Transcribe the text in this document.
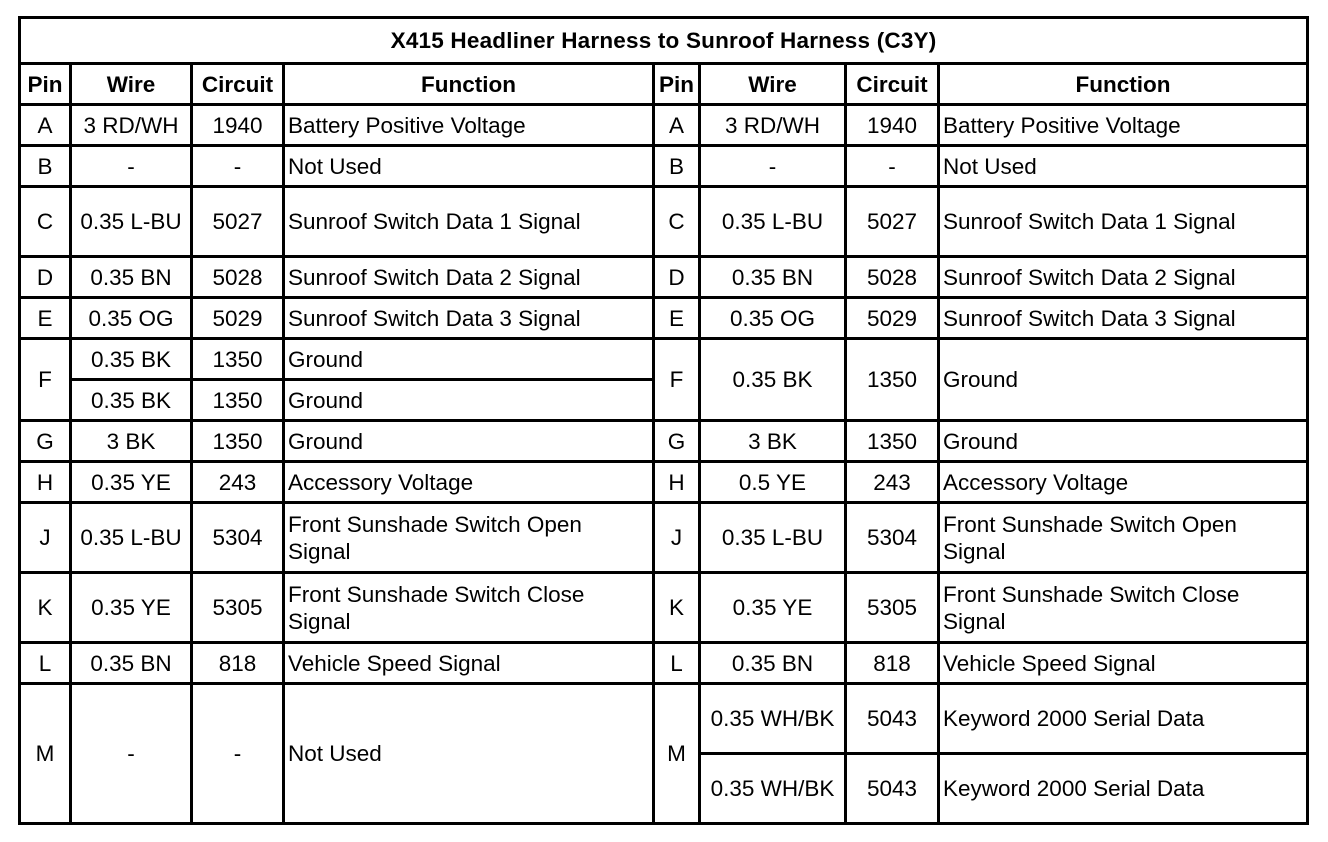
X415 Headliner Harness to Sunroof Harness (C3Y)							
Pin	Wire	Circuit	Function	Pin	Wire	Circuit	Function
A	3 RD/WH	1940	Battery Positive Voltage	A	3 RD/WH	1940	Battery Positive Voltage
B	-	-	Not Used	B	-	-	Not Used
C	0.35 L-BU	5027	Sunroof Switch Data 1 Signal	C	0.35 L-BU	5027	Sunroof Switch Data 1 Signal
D	0.35 BN	5028	Sunroof Switch Data 2 Signal	D	0.35 BN	5028	Sunroof Switch Data 2 Signal
E	0.35 OG	5029	Sunroof Switch Data 3 Signal	E	0.35 OG	5029	Sunroof Switch Data 3 Signal
F	0.35 BK	1350	Ground	F	0.35 BK	1350	Ground
	0.35 BK	1350	Ground				
G	3 BK	1350	Ground	G	3 BK	1350	Ground
H	0.35 YE	243	Accessory Voltage	H	0.5 YE	243	Accessory Voltage
J	0.35 L-BU	5304	Front Sunshade Switch Open Signal	J	0.35 L-BU	5304	Front Sunshade Switch Open Signal
K	0.35 YE	5305	Front Sunshade Switch Close Signal	K	0.35 YE	5305	Front Sunshade Switch Close Signal
L	0.35 BN	818	Vehicle Speed Signal	L	0.35 BN	818	Vehicle Speed Signal
M	-	-	Not Used	M	0.35 WH/BK	5043	Keyword 2000 Serial Data
					0.35 WH/BK	5043	Keyword 2000 Serial Data
